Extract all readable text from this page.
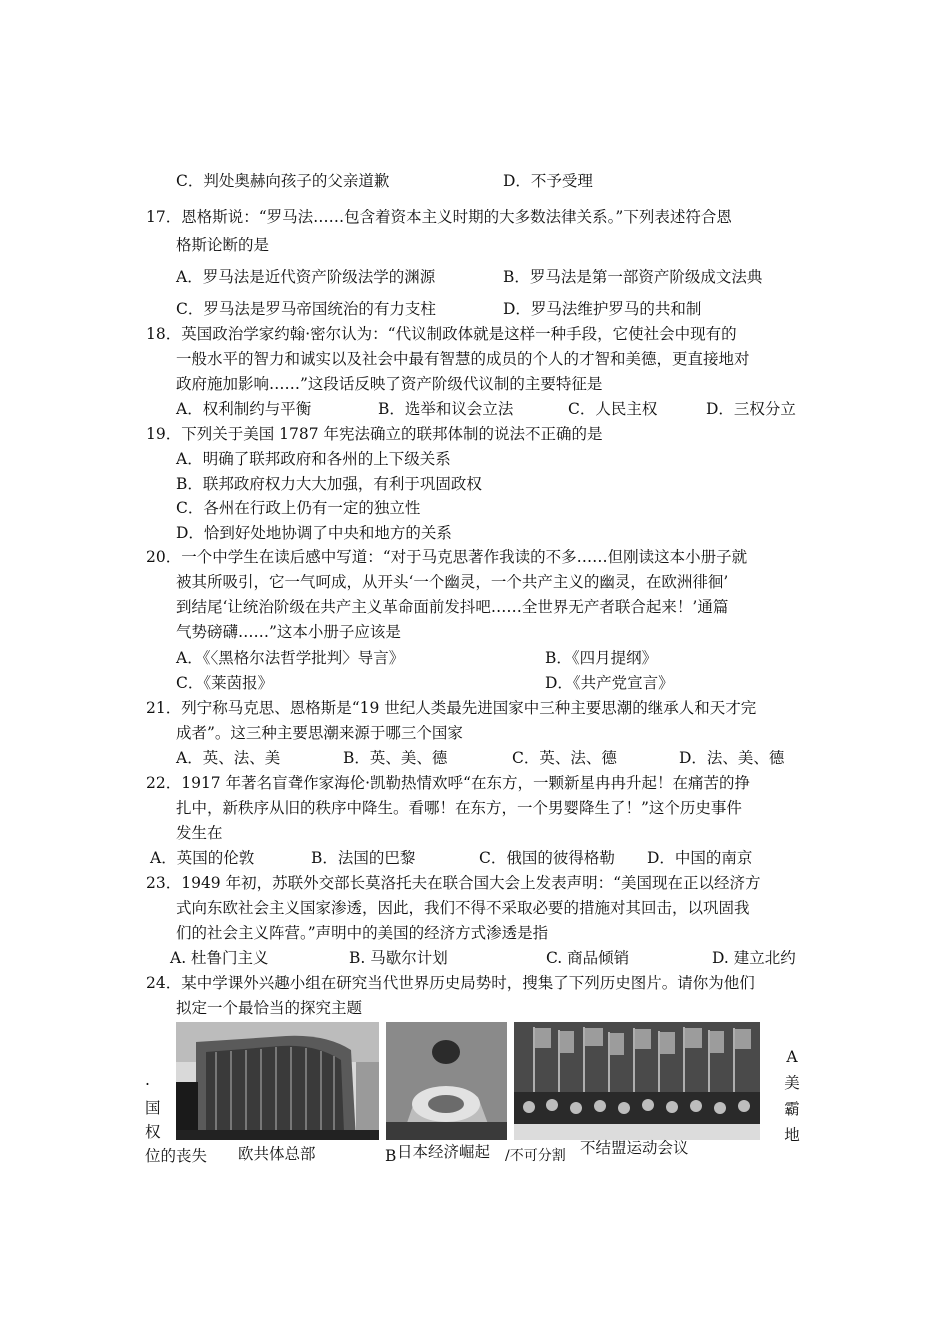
C．判处奥赫向孩子的父亲道歉	D．不予受理
17．恩格斯说：“罗马法……包含着资本主义时期的大多数法律关系。”下列表述符合恩
格斯论断的是
A．罗马法是近代资产阶级法学的渊源	B．罗马法是第一部资产阶级成文法典
C．罗马法是罗马帝国统治的有力支柱	D．罗马法维护罗马的共和制
18．英国政治学家约翰·密尔认为：“代议制政体就是这样一种手段，它使社会中现有的
一般水平的智力和诚实以及社会中最有智慧的成员的个人的才智和美德，更直接地对
政府施加影响……”这段话反映了资产阶级代议制的主要特征是
A．权利制约与平衡	B．选举和议会立法	C．人民主权	D．三权分立
19．下列关于美国 1787 年宪法确立的联邦体制的说法不正确的是
A．明确了联邦政府和各州的上下级关系
B．联邦政府权力大大加强，有利于巩固政权
C．各州在行政上仍有一定的独立性
D．恰到好处地协调了中央和地方的关系
20．一个中学生在读后感中写道：“对于马克思著作我读的不多……但刚读这本小册子就
被其所吸引，它一气呵成，从开头‘一个幽灵，一个共产主义的幽灵，在欧洲徘徊’
到结尾‘让统治阶级在共产主义革命面前发抖吧……全世界无产者联合起来！’通篇
气势磅礴……”这本小册子应该是
A．《〈黑格尔法哲学批判〉导言》	B．《四月提纲》
C．《莱茵报》	D．《共产党宣言》
21．列宁称马克思、恩格斯是“19 世纪人类最先进国家中三种主要思潮的继承人和天才完
成者”。这三种主要思潮来源于哪三个国家
A．英、法、美	B．英、美、德	C．英、法、德	D．法、美、德
22．1917 年著名盲聋作家海伦·凯勒热情欢呼“在东方，一颗新星冉冉升起！在痛苦的挣
扎中，新秩序从旧的秩序中降生。看哪！在东方，一个男婴降生了！”这个历史事件
发生在
A．英国的伦敦	B．法国的巴黎	C．俄国的彼得格勒 D．中国的南京
23．1949 年初，苏联外交部长莫洛托夫在联合国大会上发表声明：“美国现在正以经济方
式向东欧社会主义国家渗透，因此，我们不得不采取必要的措施对其回击，以巩固我
们的社会主义阵营。”声明中的美国的经济方式渗透是指
A. 杜鲁门主义	B. 马歇尔计划	C. 商品倾销	D. 建立北约
24．某中学课外兴趣小组在研究当代世界历史局势时，搜集了下列历史图片。请你为他们
拟定一个最恰当的探究主题
.
国
权
位的丧失 欧共体总部	B 日本经济崛起 /不可分割 不结盟运动会议
A
美
霸
地
